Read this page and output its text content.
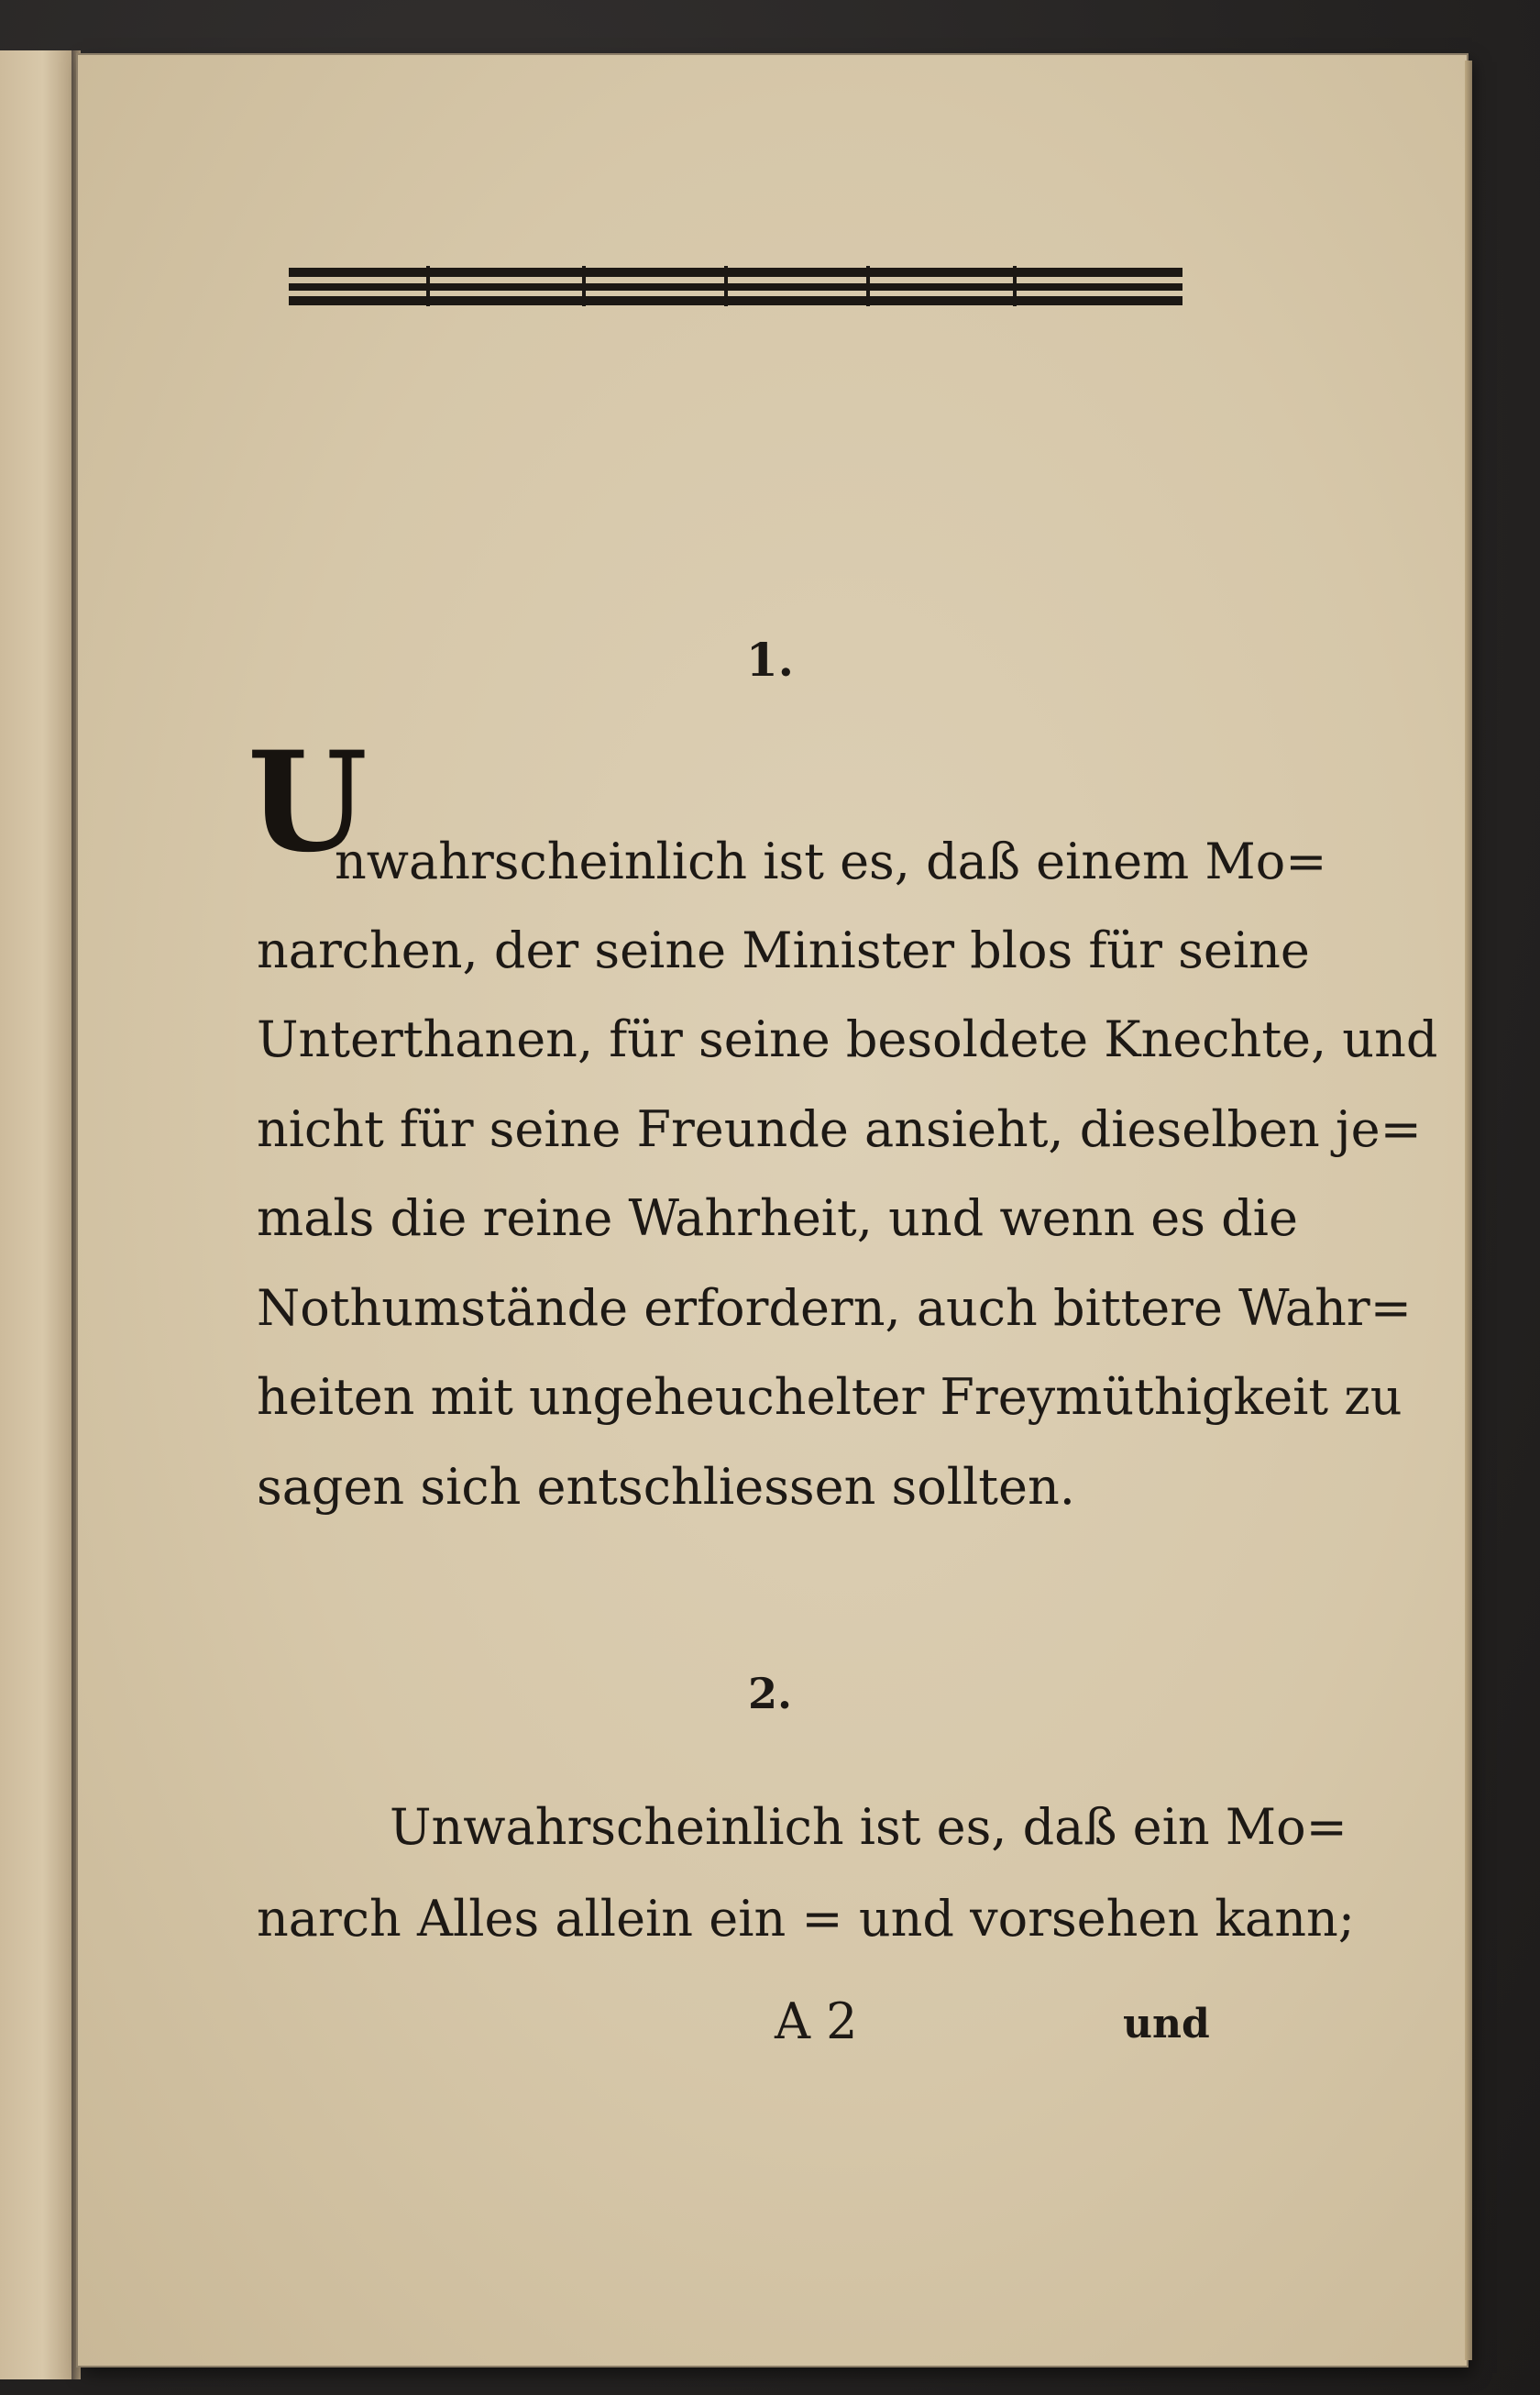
1.
U
nwahrscheinlich ist es, daß einem Mo=
narchen, der seine Minister blos für seine
Unterthanen, für seine besoldete Knechte, und
nicht für seine Freunde ansieht, dieselben je=
mals die reine Wahrheit, und wenn es die
Nothumstände erfordern, auch bittere Wahr=
heiten mit ungeheuchelter Freymüthigkeit zu
sagen sich entschliessen sollten.
2.
Unwahrscheinlich ist es, daß ein Mo=
narch Alles allein ein = und vorsehen kann;
A 2	und
